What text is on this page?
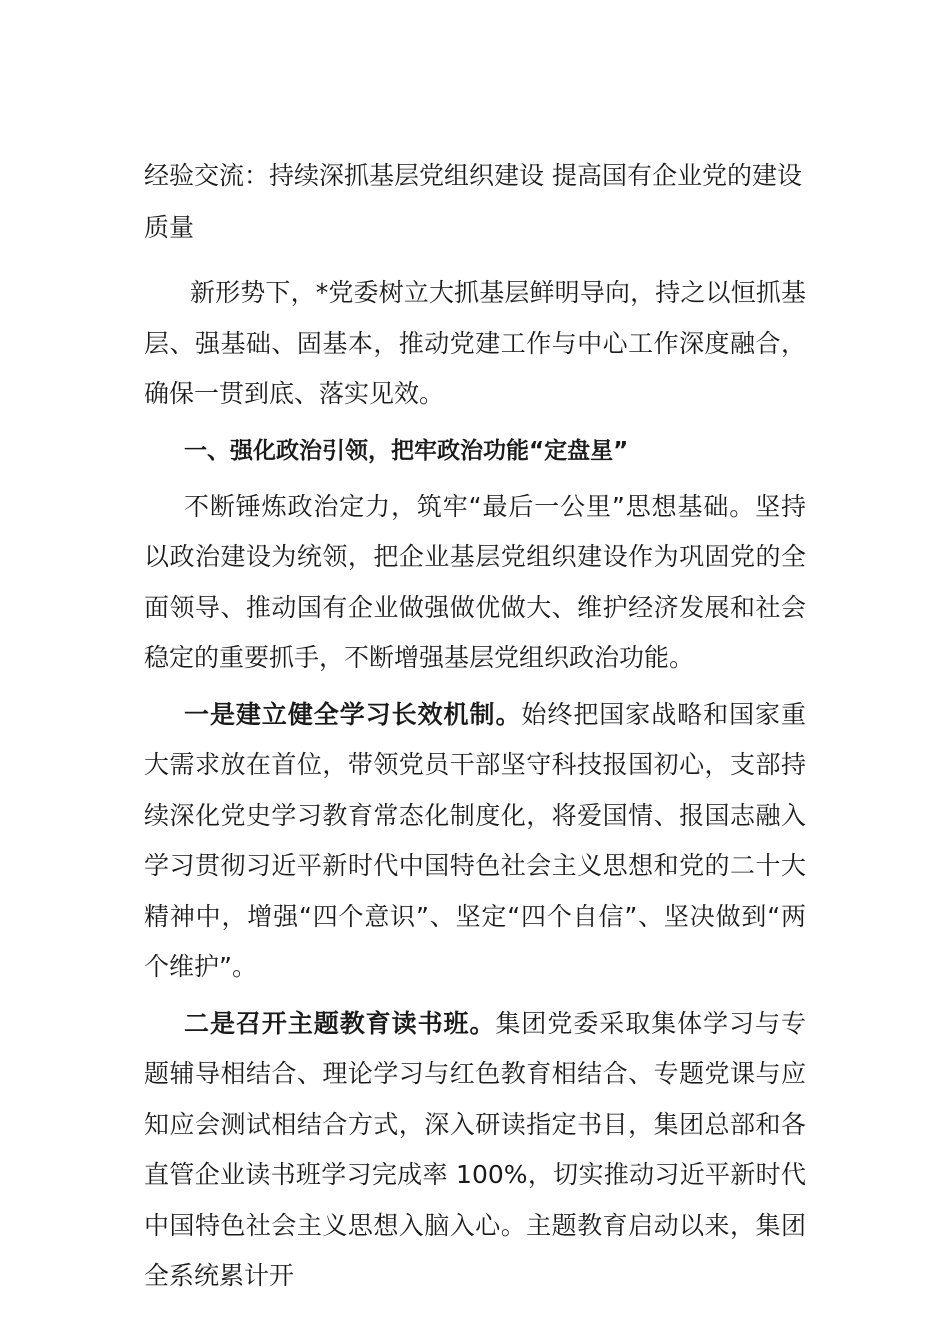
经验交流：持续深抓基层党组织建设 提高国有企业党的建设质量

新形势下，*党委树立大抓基层鲜明导向，持之以恒抓基层、强基础、固基本，推动党建工作与中心工作深度融合，确保一贯到底、落实见效。

一、强化政治引领，把牢政治功能“定盘星”

不断锤炼政治定力，筑牢“最后一公里”思想基础。坚持以政治建设为统领，把企业基层党组织建设作为巩固党的全面领导、推动国有企业做强做优做大、维护经济发展和社会稳定的重要抓手，不断增强基层党组织政治功能。

一是建立健全学习长效机制。始终把国家战略和国家重大需求放在首位，带领党员干部坚守科技报国初心，支部持续深化党史学习教育常态化制度化，将爱国情、报国志融入学习贯彻习近平新时代中国特色社会主义思想和党的二十大精神中，增强“四个意识”、坚定“四个自信”、坚决做到“两个维护”。

二是召开主题教育读书班。集团党委采取集体学习与专题辅导相结合、理论学习与红色教育相结合、专题党课与应知应会测试相结合方式，深入研读指定书目，集团总部和各直管企业读书班学习完成率 100%，切实推动习近平新时代中国特色社会主义思想入脑入心。主题教育启动以来，集团全系统累计开
